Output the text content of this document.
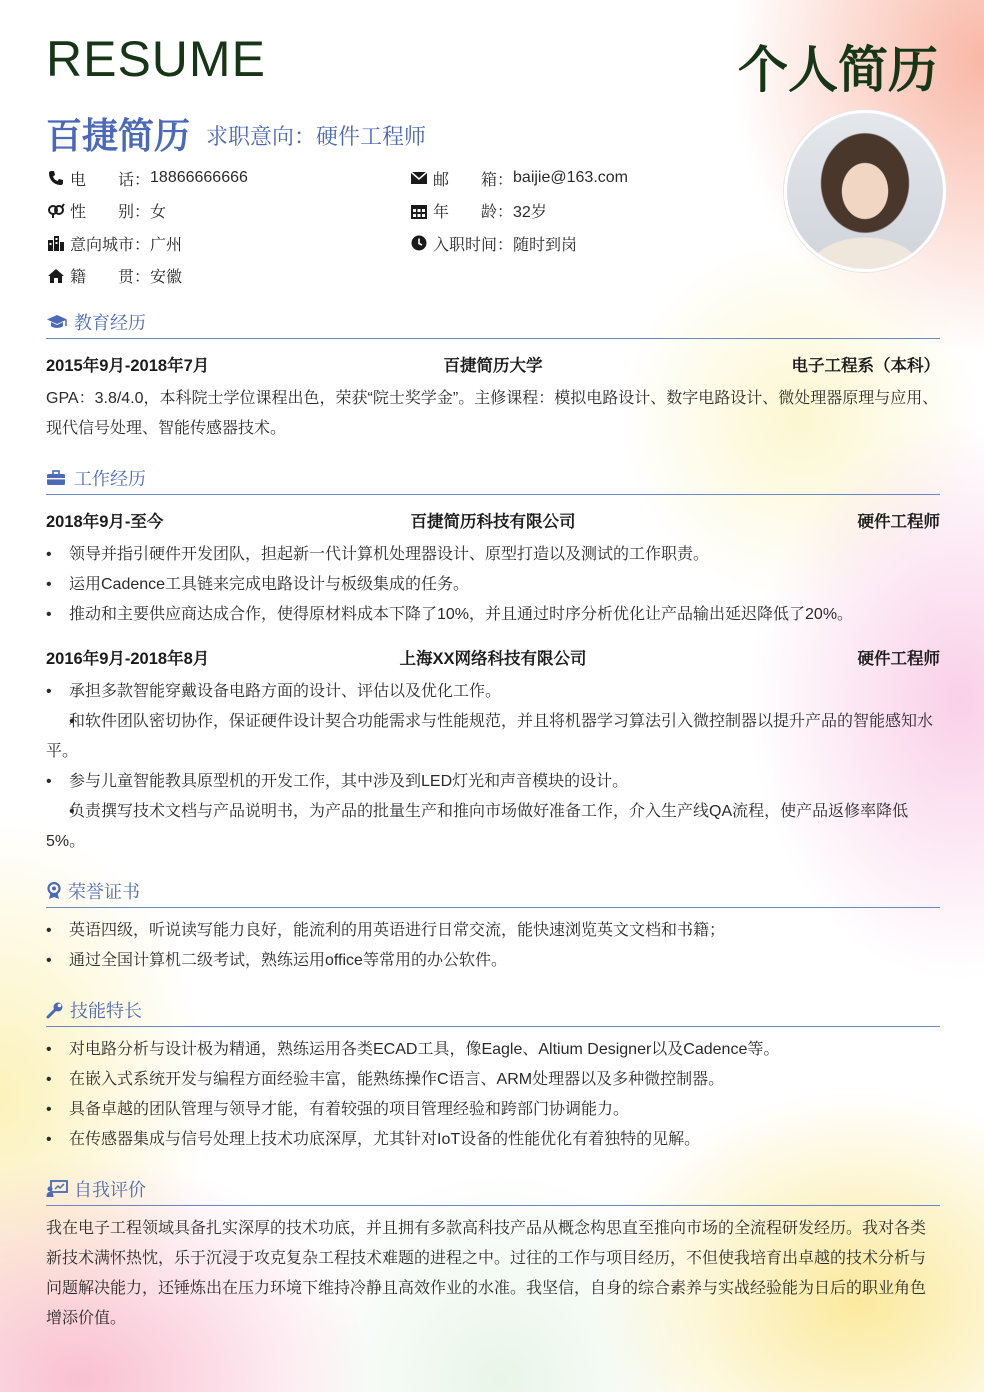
RESUME	个人简历
百捷简历 求职意向：硬件工程师
电话 ： 18866666666
性别 ： 女
意向城市 ： 广州
籍贯 ： 安徽
邮箱 ： baijie@163.com
年龄 ： 32岁
入职时间 ： 随时到岗
教育经历
2015年9月-2018年7月	百捷简历大学	电子工程系（本科）
GPA：3.8/4.0，本科院士学位课程出色，荣获“院士奖学金”。主修课程：模拟电路设计、数字电路设计、微处理器原理与应用、现代信号处理、智能传感器技术。
工作经历
2018年9月-至今	百捷简历科技有限公司	硬件工程师
• 领导并指引硬件开发团队，担起新一代计算机处理器设计、原型打造以及测试的工作职责。
• 运用Cadence工具链来完成电路设计与板级集成的任务。
• 推动和主要供应商达成合作，使得原材料成本下降了10%，并且通过时序分析优化让产品输出延迟降低了20%。
2016年9月-2018年8月	上海XX网络科技有限公司	硬件工程师
• 承担多款智能穿戴设备电路方面的设计、评估以及优化工作。
• 和软件团队密切协作，保证硬件设计契合功能需求与性能规范，并且将机器学习算法引入微控制器以提升产品的智能感知水平。
• 参与儿童智能教具原型机的开发工作，其中涉及到LED灯光和声音模块的设计。
• 负责撰写技术文档与产品说明书，为产品的批量生产和推向市场做好准备工作，介入生产线QA流程，使产品返修率降低5%。
荣誉证书
• 英语四级，听说读写能力良好，能流利的用英语进行日常交流，能快速浏览英文文档和书籍；
• 通过全国计算机二级考试，熟练运用office等常用的办公软件。
技能特长
• 对电路分析与设计极为精通，熟练运用各类ECAD工具，像Eagle、Altium Designer以及Cadence等。
• 在嵌入式系统开发与编程方面经验丰富，能熟练操作C语言、ARM处理器以及多种微控制器。
• 具备卓越的团队管理与领导才能，有着较强的项目管理经验和跨部门协调能力。
• 在传感器集成与信号处理上技术功底深厚，尤其针对IoT设备的性能优化有着独特的见解。
自我评价
我在电子工程领域具备扎实深厚的技术功底，并且拥有多款高科技产品从概念构思直至推向市场的全流程研发经历。我对各类新技术满怀热忱，乐于沉浸于攻克复杂工程技术难题的进程之中。过往的工作与项目经历，不但使我培育出卓越的技术分析与问题解决能力，还锤炼出在压力环境下维持冷静且高效作业的水准。我坚信，自身的综合素养与实战经验能为日后的职业角色增添价值。
